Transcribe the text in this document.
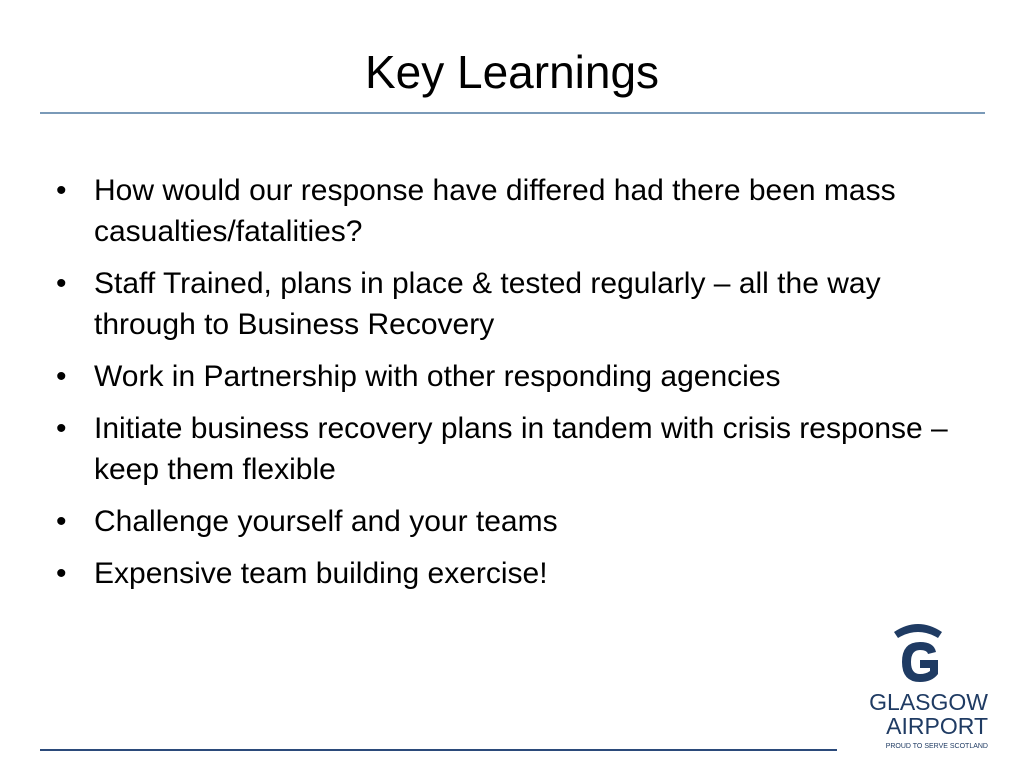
Key Learnings
• How would our response have differed had there been mass casualties/fatalities?
• Staff Trained, plans in place & tested regularly – all the way through to Business Recovery
• Work in Partnership with other responding agencies
• Initiate business recovery plans in tandem with crisis response – keep them flexible
• Challenge yourself and your teams
• Expensive team building exercise!
GLASGOW
AIRPORT
PROUD TO SERVE SCOTLAND
